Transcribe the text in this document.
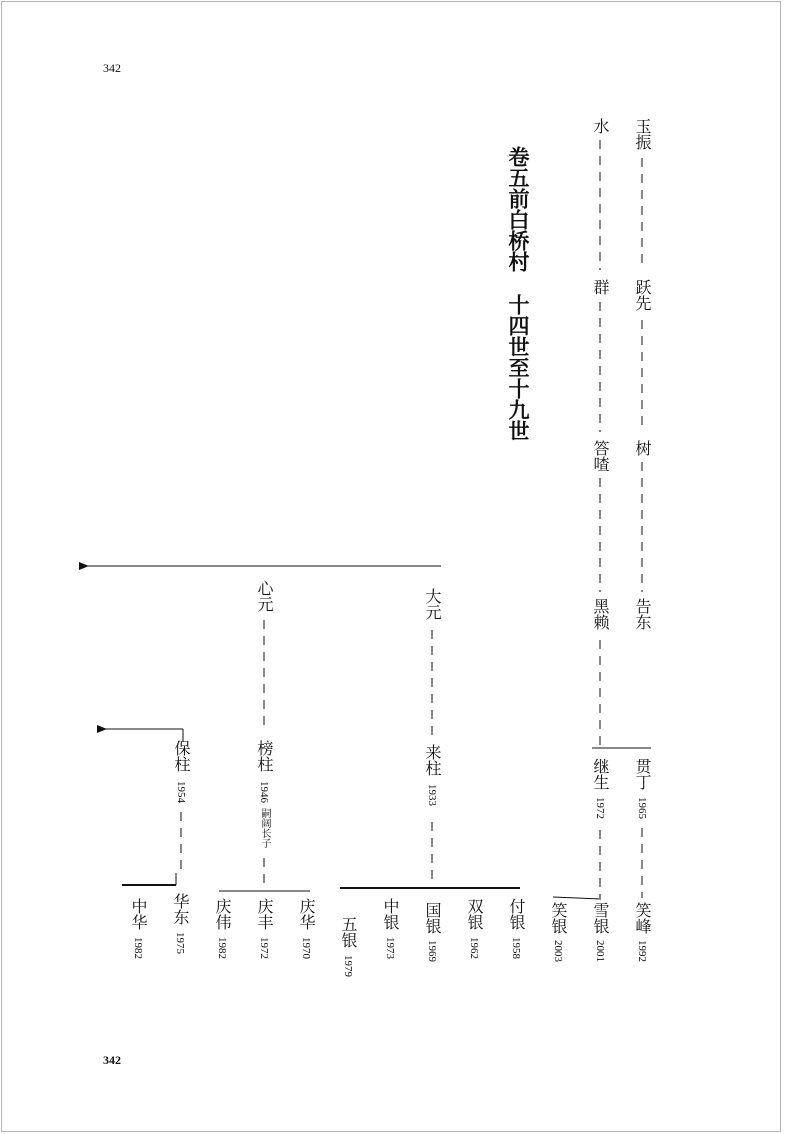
342
342
卷五前白桥村十四世至十九世
玉振
跃先
树
告东
贯丁
1965
水
群
答喳
黑赖
继生
1972
大元
来柱
1933
心元
榜柱
1946
嗣阔长子
保柱
1954
笑峰
1992
雪银
2001
笑银
2003
付银
1958
双银
1962
国银
1969
中银
1973
五银
1979
庆华
1970
庆丰
1972
庆伟
1982
华东
1975
中华
1982
